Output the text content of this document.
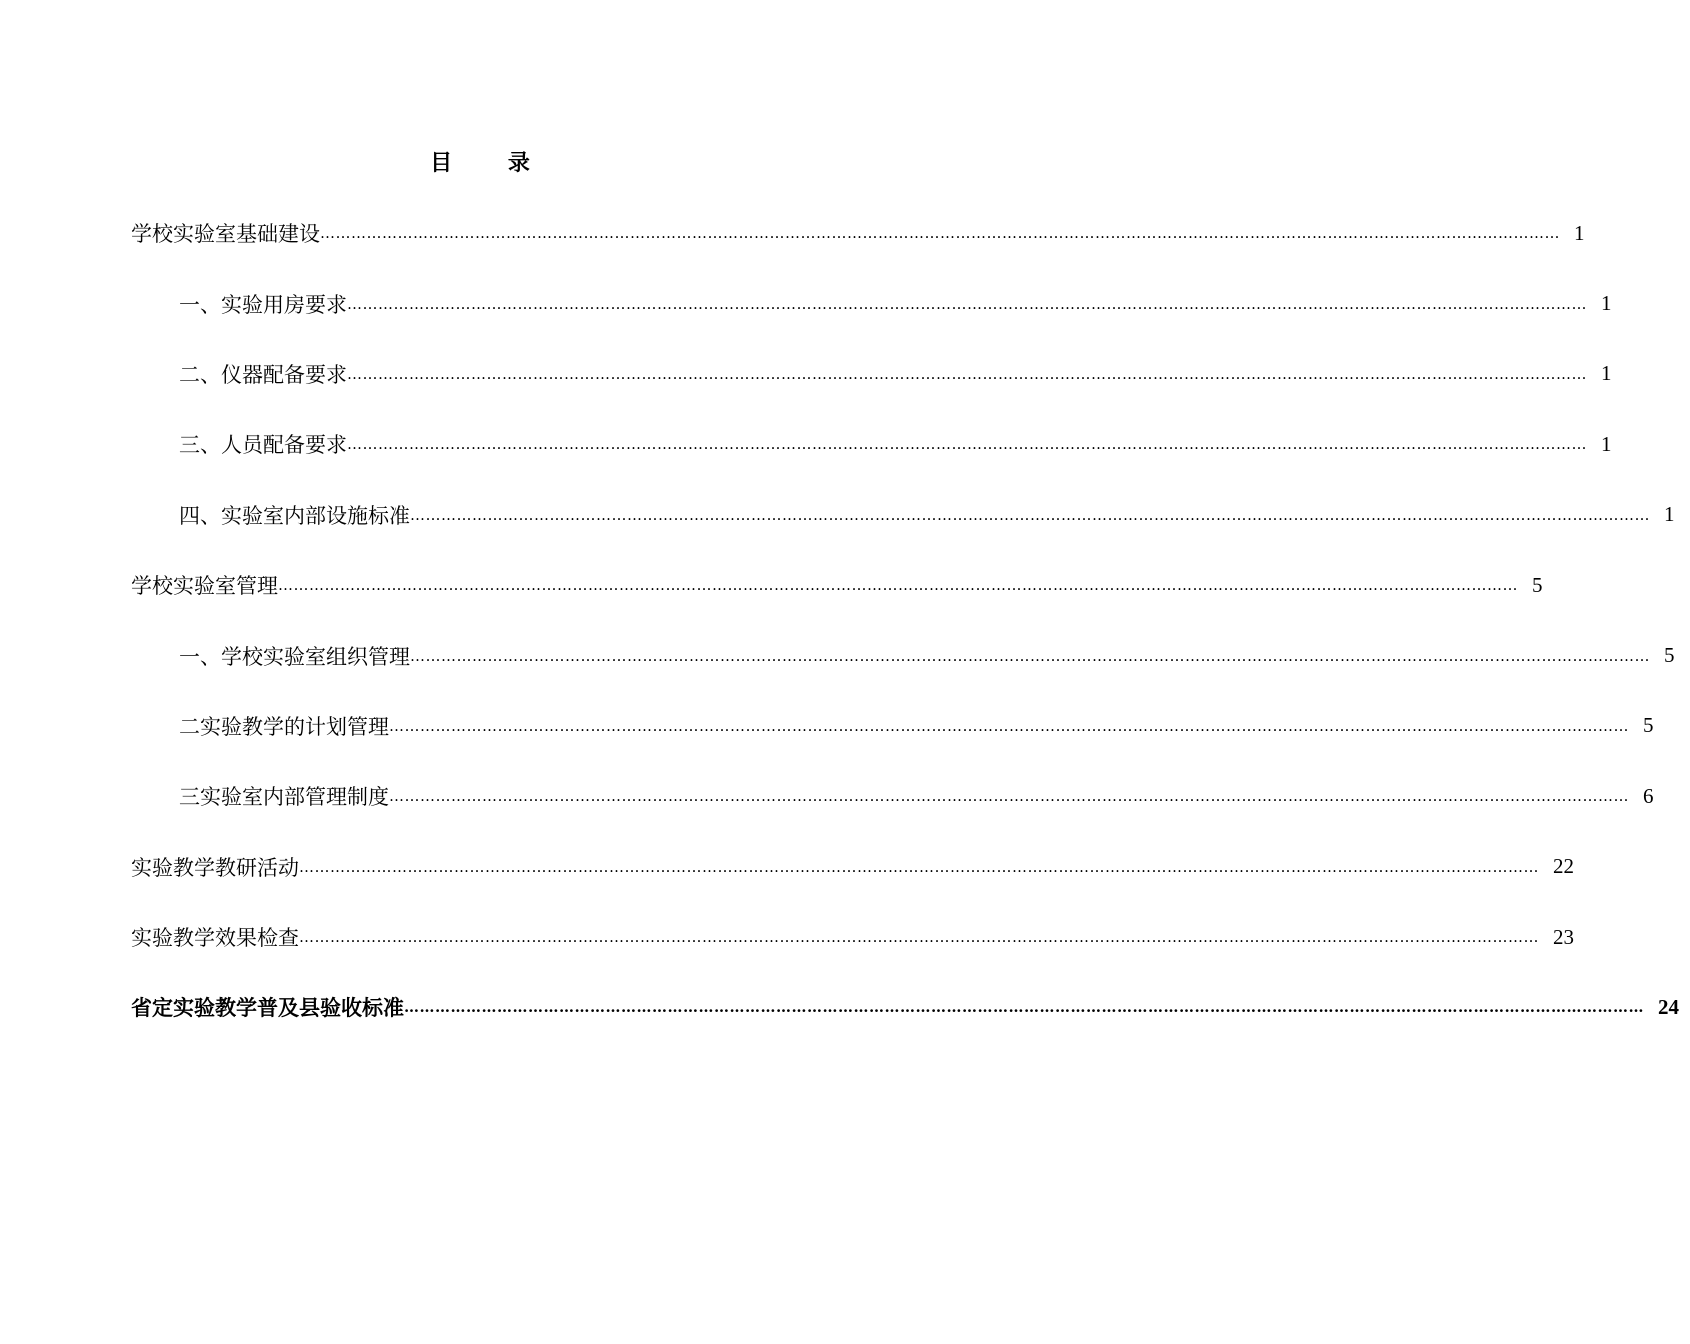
目 录
学校实验室基础建设 …………………………………………………………………………………………………………………………………………………………………………………………………………………… 1
一、实验用房要求 …………………………………………………………………………………………………………………………………………………………………………………………………………………… 1
二、仪器配备要求 …………………………………………………………………………………………………………………………………………………………………………………………………………………… 1
三、人员配备要求 …………………………………………………………………………………………………………………………………………………………………………………………………………………… 1
四、实验室内部设施标准 …………………………………………………………………………………………………………………………………………………………………………………………………………………… 1
学校实验室管理 …………………………………………………………………………………………………………………………………………………………………………………………………………………… 5
一、学校实验室组织管理 …………………………………………………………………………………………………………………………………………………………………………………………………………………… 5
二实验教学的计划管理 …………………………………………………………………………………………………………………………………………………………………………………………………………………… 5
三实验室内部管理制度 …………………………………………………………………………………………………………………………………………………………………………………………………………………… 6
实验教学教研活动 …………………………………………………………………………………………………………………………………………………………………………………………………………………… 22
实验教学效果检查 …………………………………………………………………………………………………………………………………………………………………………………………………………………… 23
省定实验教学普及县验收标准 …………………………………………………………………………………………………………………………………………………………………………………………………………………… 24
